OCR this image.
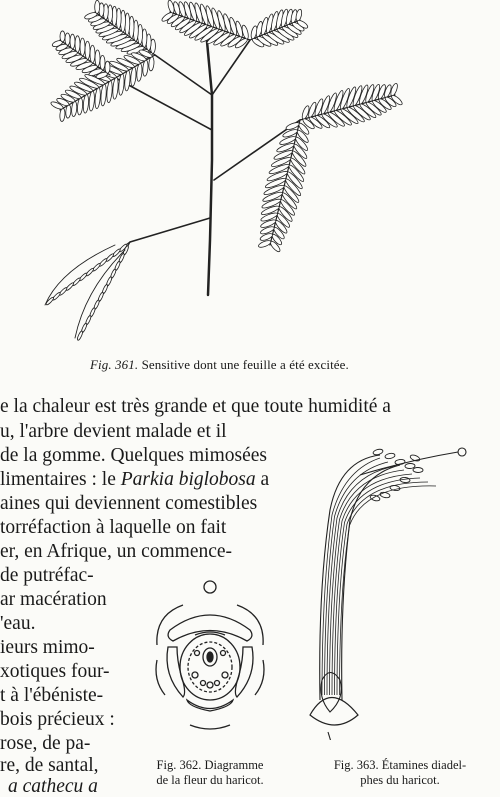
Fig. 361. Sensitive dont une feuille a été excitée.
e la chaleur est très grande et que toute humidité a
u, l'arbre devient malade et il
de la gomme. Quelques mimosées
limentaires : le Parkia biglobosa a
aines qui deviennent comestibles
torréfaction à laquelle on fait
er, en Afrique, un commence-
de putréfac-
ar macération
'eau.
ieurs mimo-
xotiques four-
t à l'ébéniste-
bois précieux :
rose, de pa-
re, de santal,
a cathecu a
Fig. 362. Diagramme
de la fleur du haricot.
Fig. 363. Étamines diadel-
phes du haricot.
